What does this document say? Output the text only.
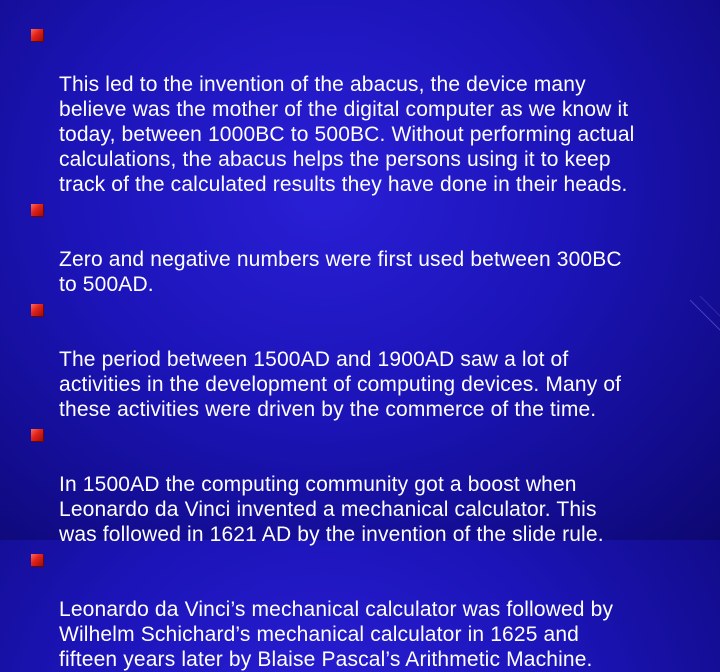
This led to the invention of the abacus, the device many
believe was the mother of the digital computer as we know it
today, between 1000BC to 500BC. Without performing actual
calculations, the abacus helps the persons using it to keep
track of the calculated results they have done in their heads.

Zero and negative numbers were first used between 300BC
to 500AD.

The period between 1500AD and 1900AD saw a lot of
activities in the development of computing devices. Many of
these activities were driven by the commerce of the time.

In 1500AD the computing community got a boost when
Leonardo da Vinci invented a mechanical calculator. This
was followed in 1621 AD by the invention of the slide rule.

Leonardo da Vinci’s mechanical calculator was followed by
Wilhelm Schichard’s mechanical calculator in 1625 and
fifteen years later by Blaise Pascal’s Arithmetic Machine.
